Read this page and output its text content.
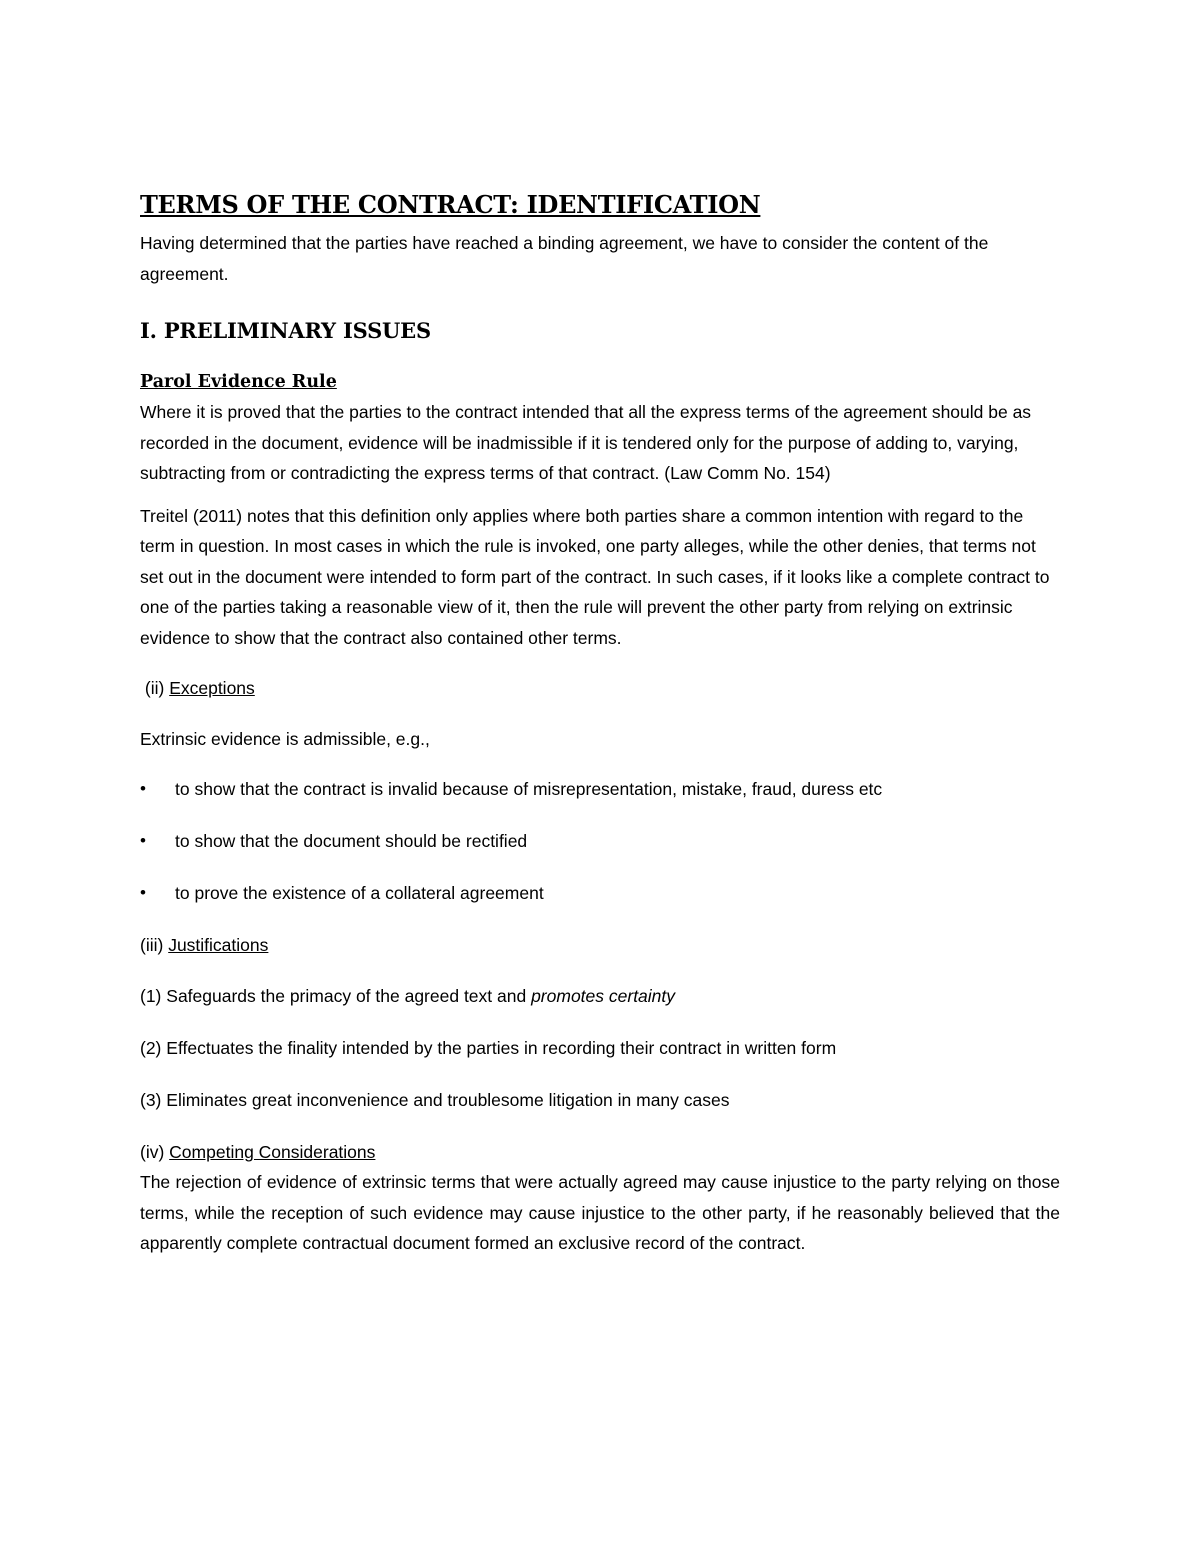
TERMS OF THE CONTRACT: IDENTIFICATION

Having determined that the parties have reached a binding agreement, we have to consider the content of the agreement.

I. PRELIMINARY ISSUES
Parol Evidence Rule

Where it is proved that the parties to the contract intended that all the express terms of the agreement should be as recorded in the document, evidence will be inadmissible if it is tendered only for the purpose of adding to, varying, subtracting from or contradicting the express terms of that contract. (Law Comm No. 154)

Treitel (2011) notes that this definition only applies where both parties share a common intention with regard to the term in question. In most cases in which the rule is invoked, one party alleges, while the other denies, that terms not set out in the document were intended to form part of the contract. In such cases, if it looks like a complete contract to one of the parties taking a reasonable view of it, then the rule will prevent the other party from relying on extrinsic evidence to show that the contract also contained other terms.

(ii) Exceptions

Extrinsic evidence is admissible, e.g.,

• to show that the contract is invalid because of misrepresentation, mistake, fraud, duress etc
• to show that the document should be rectified
• to prove the existence of a collateral agreement

(iii) Justifications

(1) Safeguards the primacy of the agreed text and promotes certainty

(2) Effectuates the finality intended by the parties in recording their contract in written form

(3) Eliminates great inconvenience and troublesome litigation in many cases

(iv) Competing Considerations

The rejection of evidence of extrinsic terms that were actually agreed may cause injustice to the party relying on those terms, while the reception of such evidence may cause injustice to the other party, if he reasonably believed that the apparently complete contractual document formed an exclusive record of the contract.
